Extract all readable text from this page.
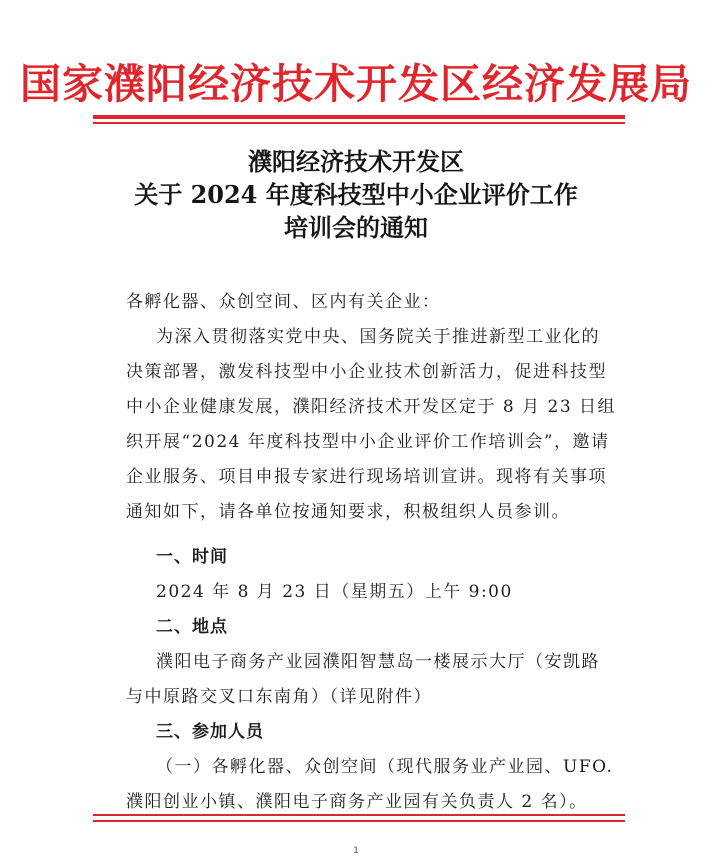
国家濮阳经济技术开发区经济发展局
濮阳经济技术开发区
关于 2024 年度科技型中小企业评价工作
培训会的通知
各孵化器、众创空间、区内有关企业：
为深入贯彻落实党中央、国务院关于推进新型工业化的
决策部署，激发科技型中小企业技术创新活力，促进科技型
中小企业健康发展，濮阳经济技术开发区定于 8 月 23 日组
织开展“2024 年度科技型中小企业评价工作培训会”，邀请
企业服务、项目申报专家进行现场培训宣讲。现将有关事项
通知如下，请各单位按通知要求，积极组织人员参训。
一、时间
2024 年 8 月 23 日（星期五）上午 9:00
二、地点
濮阳电子商务产业园濮阳智慧岛一楼展示大厅（安凯路
与中原路交叉口东南角）（详见附件）
三、参加人员
（一）各孵化器、众创空间（现代服务业产业园、UFO.
濮阳创业小镇、濮阳电子商务产业园有关负责人 2 名）。
1
